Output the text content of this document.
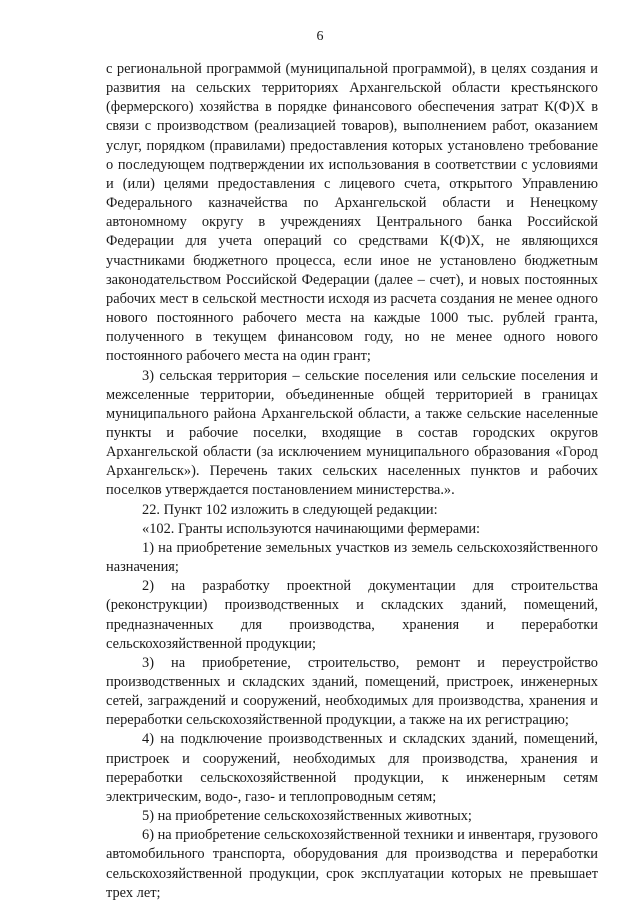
6

с региональной программой (муниципальной программой), в целях создания и развития на сельских территориях Архангельской области крестьянского (фермерского) хозяйства в порядке финансового обеспечения затрат К(Ф)Х в связи с производством (реализацией товаров), выполнением работ, оказанием услуг, порядком (правилами) предоставления которых установлено требование о последующем подтверждении их использования в соответствии с условиями и (или) целями предоставления с лицевого счета, открытого Управлению Федерального казначейства по Архангельской области и Ненецкому автономному округу в учреждениях Центрального банка Российской Федерации для учета операций со средствами К(Ф)Х, не являющихся участниками бюджетного процесса, если иное не установлено бюджетным законодательством Российской Федерации (далее – счет), и новых постоянных рабочих мест в сельской местности исходя из расчета создания не менее одного нового постоянного рабочего места на каждые 1000 тыс. рублей гранта, полученного в текущем финансовом году, но не менее одного нового постоянного рабочего места на один грант;

3) сельская территория – сельские поселения или сельские поселения и межселенные территории, объединенные общей территорией в границах муниципального района Архангельской области, а также сельские населенные пункты и рабочие поселки, входящие в состав городских округов Архангельской области (за исключением муниципального образования «Город Архангельск»). Перечень таких сельских населенных пунктов и рабочих поселков утверждается постановлением министерства.».

22. Пункт 102 изложить в следующей редакции:

«102. Гранты используются начинающими фермерами:

1) на приобретение земельных участков из земель сельскохозяйственного назначения;

2) на разработку проектной документации для строительства (реконструкции) производственных и складских зданий, помещений, предназначенных для производства, хранения и переработки сельскохозяйственной продукции;

3) на приобретение, строительство, ремонт и переустройство производственных и складских зданий, помещений, пристроек, инженерных сетей, заграждений и сооружений, необходимых для производства, хранения и переработки сельскохозяйственной продукции, а также на их регистрацию;

4) на подключение производственных и складских зданий, помещений, пристроек и сооружений, необходимых для производства, хранения и переработки сельскохозяйственной продукции, к инженерным сетям электрическим, водо-, газо- и теплопроводным сетям;

5) на приобретение сельскохозяйственных животных;

6) на приобретение сельскохозяйственной техники и инвентаря, грузового автомобильного транспорта, оборудования для производства и переработки сельскохозяйственной продукции, срок эксплуатации которых не превышает трех лет;
